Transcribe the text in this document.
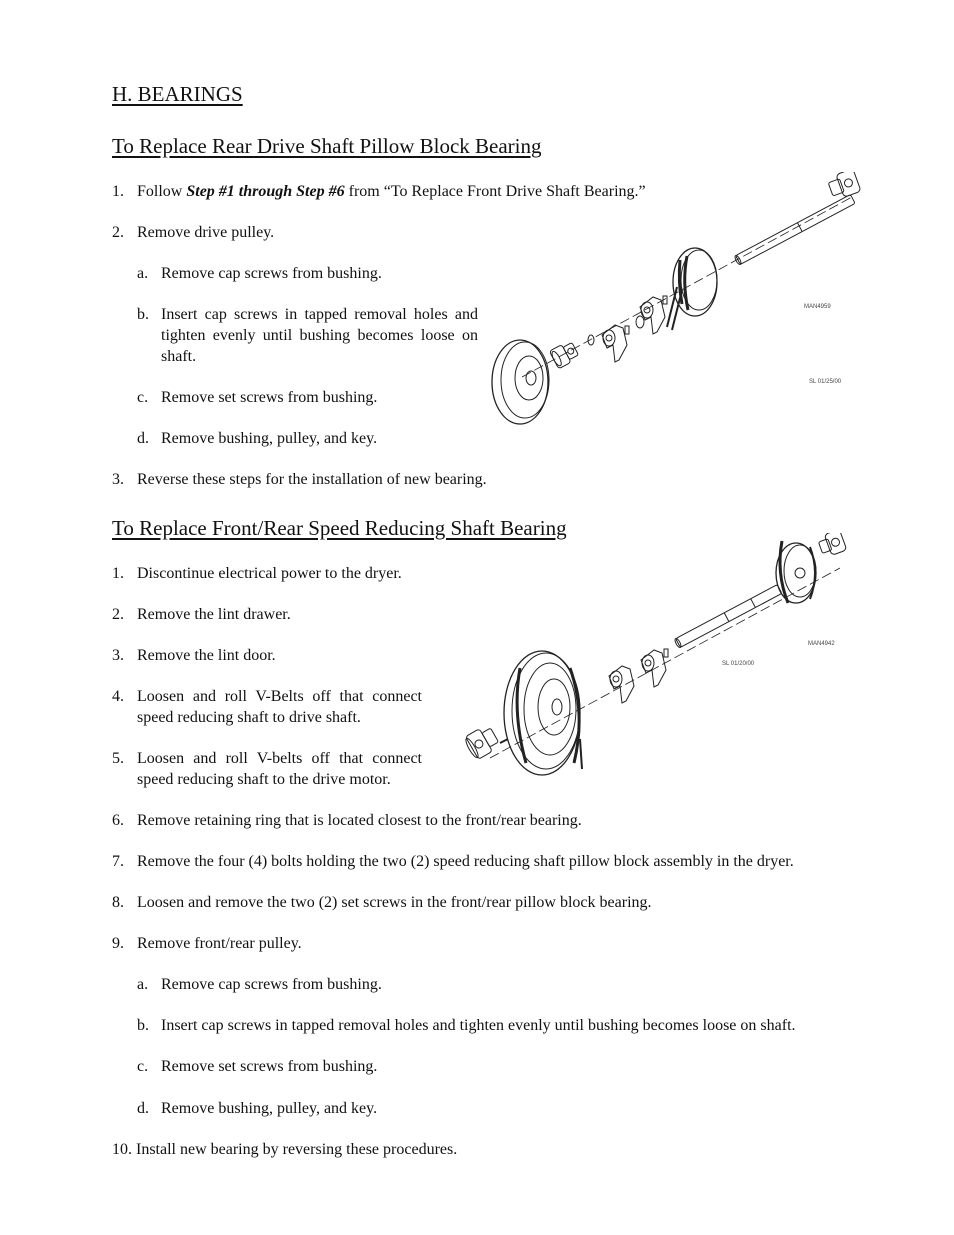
H. BEARINGS
To Replace Rear Drive Shaft Pillow Block Bearing
1. Follow Step #1 through Step #6 from “To Replace Front Drive Shaft Bearing.”
2. Remove drive pulley.
a. Remove cap screws from bushing.
b. Insert cap screws in tapped removal holes and tighten evenly until bushing becomes loose on shaft.
c. Remove set screws from bushing.
d. Remove bushing, pulley, and key.
3. Reverse these steps for the installation of new bearing.
MAN4959
SL 01/25/00
To Replace Front/Rear Speed Reducing Shaft Bearing
1. Discontinue electrical power to the dryer.
2. Remove the lint drawer.
3. Remove the lint door.
4. Loosen and roll V-Belts off that connect speed reducing shaft to drive shaft.
5. Loosen and roll V-belts off that connect speed reducing shaft to the drive motor.
6. Remove retaining ring that is located closest to the front/rear bearing.
7. Remove the four (4) bolts holding the two (2) speed reducing shaft pillow block assembly in the dryer.
8. Loosen and remove the two (2) set screws in the front/rear pillow block bearing.
9. Remove front/rear pulley.
a. Remove cap screws from bushing.
b. Insert cap screws in tapped removal holes and tighten evenly until bushing becomes loose on shaft.
c. Remove set screws from bushing.
d. Remove bushing, pulley, and key.
10. Install new bearing by reversing these procedures.
MAN4942
SL 01/20/00
